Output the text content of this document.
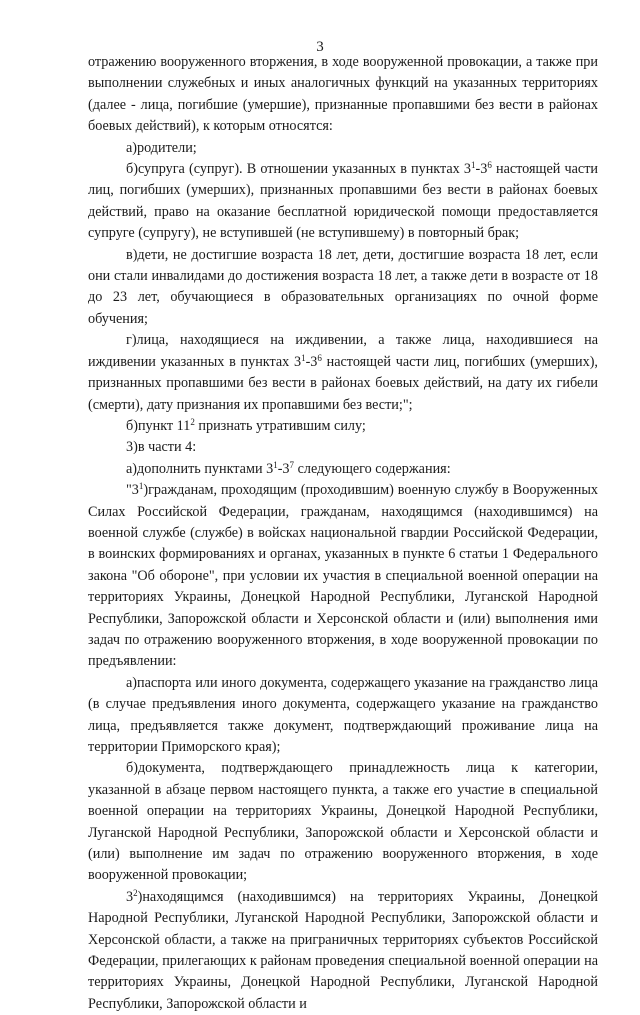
3

отражению вооруженного вторжения, в ходе вооруженной провокации, а также при выполнении служебных и иных аналогичных функций на указанных территориях (далее - лица, погибшие (умершие), признанные пропавшими без вести в районах боевых действий), к которым относятся:

а)родители;

б)супруга (супруг). В отношении указанных в пунктах $3^1-3^6$ настоящей части лиц, погибших (умерших), признанных пропавшими без вести в районах боевых действий, право на оказание бесплатной юридической помощи предоставляется супруге (супругу), не вступившей (не вступившему) в повторный брак;

в)дети, не достигшие возраста 18 лет, дети, достигшие возраста 18 лет, если они стали инвалидами до достижения возраста 18 лет, а также дети в возрасте от 18 до 23 лет, обучающиеся в образовательных организациях по очной форме обучения;

г)лица, находящиеся на иждивении, а также лица, находившиеся на иждивении указанных в пунктах $3^1-3^6$ настоящей части лиц, погибших (умерших), признанных пропавшими без вести в районах боевых действий, на дату их гибели (смерти), дату признания их пропавшими без вести;";

б)пункт $11^2$ признать утратившим силу;

3)в части 4:

а)дополнить пунктами $3^1-3^7$ следующего содержания:

"$3^1)гражданам$, проходящим (проходившим) военную службу в Вооруженных Силах Российской Федерации, гражданам, находящимся (находившимся) на военной службе (службе) в войсках национальной гвардии Российской Федерации, в воинских формированиях и органах, указанных в пункте 6 статьи 1 Федерального закона "Об обороне", при условии их участия в специальной военной операции на территориях Украины, Донецкой Народной Республики, Луганской Народной Республики, Запорожской области и Херсонской области и (или) выполнения ими задач по отражению вооруженного вторжения, в ходе вооруженной провокации по предъявлении:

а)паспорта или иного документа, содержащего указание на гражданство лица (в случае предъявления иного документа, содержащего указание на гражданство лица, предъявляется также документ, подтверждающий проживание лица на территории Приморского края);

б)документа, подтверждающего принадлежность лица к категории, указанной в абзаце первом настоящего пункта, а также его участие в специальной военной операции на территориях Украины, Донецкой Народной Республики, Луганской Народной Республики, Запорожской области и Херсонской области и (или) выполнение им задач по отражению вооруженного вторжения, в ходе вооруженной провокации;

$3^2)находящимся$ (находившимся) на территориях Украины, Донецкой Народной Республики, Луганской Народной Республики, Запорожской области и Херсонской области, а также на приграничных территориях субъектов Российской Федерации, прилегающих к районам проведения специальной военной операции на территориях Украины, Донецкой Народной Республики, Луганской Народной Республики, Запорожской области и
